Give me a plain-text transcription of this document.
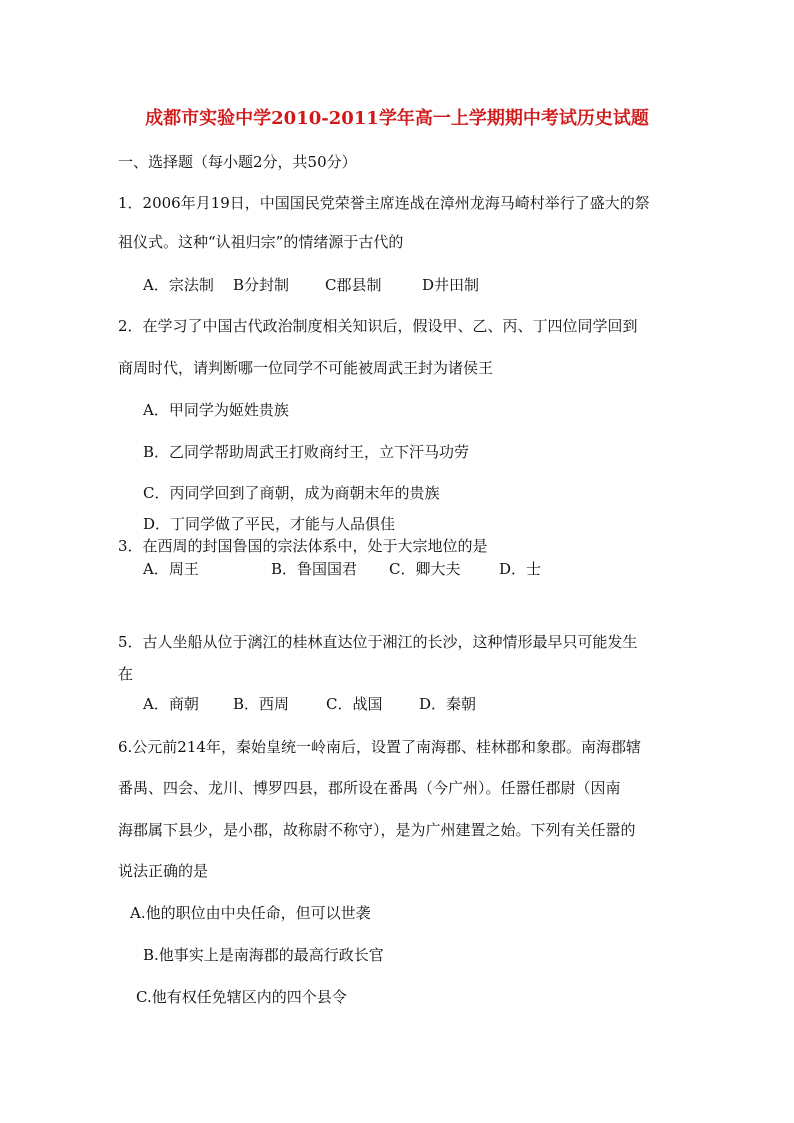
成都市实验中学2010-2011学年高一上学期期中考试历史试题
一、选择题（每小题2分，共50分）
1．2006年月19日，中国国民党荣誉主席连战在漳州龙海马崎村举行了盛大的祭
祖仪式。这种“认祖归宗”的情绪源于古代的
A．宗法制 B分封制 C郡县制	D井田制
2．在学习了中国古代政治制度相关知识后，假设甲、乙、丙、丁四位同学回到
商周时代，请判断哪一位同学不可能被周武王封为诸侯王
A．甲同学为姬姓贵族
B．乙同学帮助周武王打败商纣王，立下汗马功劳
C．丙同学回到了商朝，成为商朝末年的贵族
D．丁同学做了平民，才能与人品俱佳
3．在西周的封国鲁国的宗法体系中，处于大宗地位的是
A．周王	B．鲁国国君 C．卿大夫	D．士
5．古人坐船从位于漓江的桂林直达位于湘江的长沙，这种情形最早只可能发生
在
A．商朝 B．西周 C．战国 D．秦朝
6.公元前214年，秦始皇统一岭南后，设置了南海郡、桂林郡和象郡。南海郡辖
番禺、四会、龙川、博罗四县，郡所设在番禺（今广州）。任嚣任郡尉（因南
海郡属下县少，是小郡，故称尉不称守），是为广州建置之始。下列有关任嚣的
说法正确的是
A.他的职位由中央任命，但可以世袭
B.他事实上是南海郡的最高行政长官
C.他有权任免辖区内的四个县令
